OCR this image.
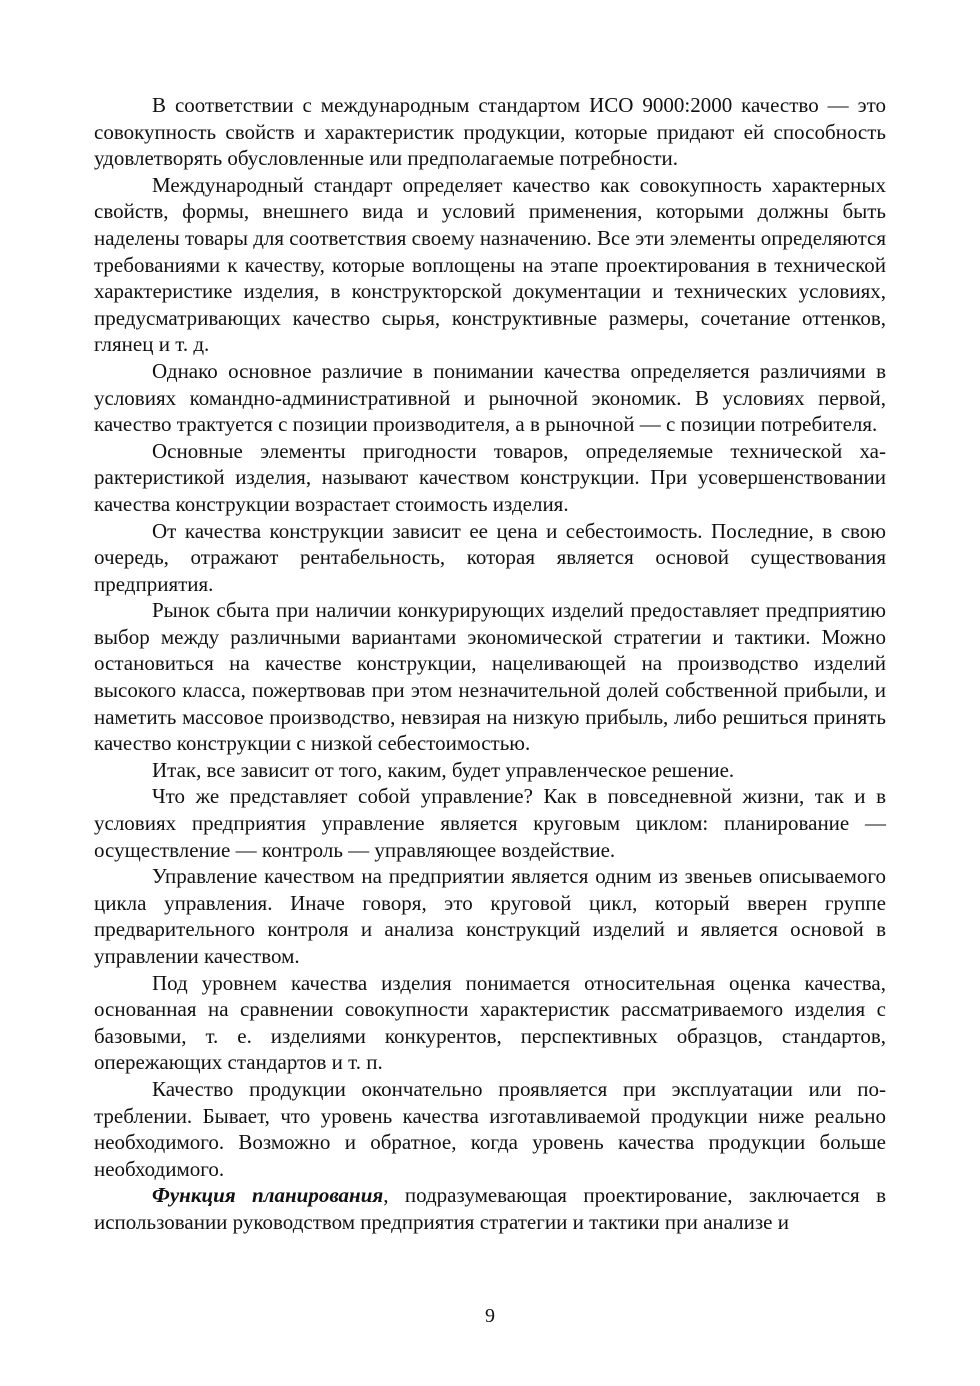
В соответствии с международным стандартом ИСО 9000:2000 качество — это совокупность свойств и характеристик продукции, которые придают ей способность удовлетворять обусловленные или предполагаемые потребности.

Международный стандарт определяет качество как совокупность характерных свойств, формы, внешнего вида и условий применения, которыми должны быть наделены товары для соответствия своему назначению. Все эти элементы определяются требованиями к качеству, которые воплощены на этапе проектирования в технической характеристике изделия, в конструкторской документации и технических условиях, предусматривающих качество сырья, конструктивные размеры, сочетание оттенков, глянец и т. д.

Однако основное различие в понимании качества определяется различиями в условиях командно-административной и рыночной экономик. В условиях первой, качество трактуется с позиции производителя, а в рыночной — с позиции потребителя.

Основные элементы пригодности товаров, определяемые технической характеристикой изделия, называют качеством конструкции. При усовершенствовании качества конструкции возрастает стоимость изделия.

От качества конструкции зависит ее цена и себестоимость. Последние, в свою очередь, отражают рентабельность, которая является основой существования предприятия.

Рынок сбыта при наличии конкурирующих изделий предоставляет предприятию выбор между различными вариантами экономической стратегии и тактики. Можно остановиться на качестве конструкции, нацеливающей на производство изделий высокого класса, пожертвовав при этом незначительной долей собственной прибыли, и наметить массовое производство, невзирая на низкую прибыль, либо решиться принять качество конструкции с низкой себестоимостью.

Итак, все зависит от того, каким, будет управленческое решение.

Что же представляет собой управление? Как в повседневной жизни, так и в условиях предприятия управление является круговым циклом: планирование — осуществление — контроль — управляющее воздействие.

Управление качеством на предприятии является одним из звеньев описываемого цикла управления. Иначе говоря, это круговой цикл, который вверен группе предварительного контроля и анализа конструкций изделий и является основой в управлении качеством.

Под уровнем качества изделия понимается относительная оценка качества, основанная на сравнении совокупности характеристик рассматриваемого изделия с базовыми, т. е. изделиями конкурентов, перспективных образцов, стандартов, опережающих стандартов и т. п.

Качество продукции окончательно проявляется при эксплуатации или потреблении. Бывает, что уровень качества изготавливаемой продукции ниже реально необходимого. Возможно и обратное, когда уровень качества продукции больше необходимого.

Функция планирования, подразумевающая проектирование, заключается в использовании руководством предприятия стратегии и тактики при анализе и

9
